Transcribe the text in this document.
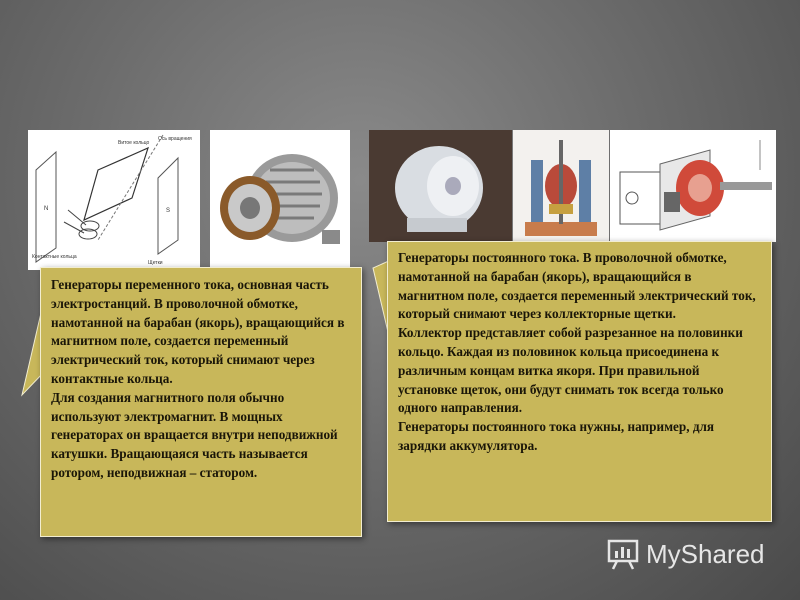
Ось вращения
Витое кольцо
N	S
Контактные кольца
Щетки

Генераторы переменного тока, основная часть электростанций. В проволочной обмотке, намотанной на барабан (якорь), вращающийся в магнитном поле, создается переменный электрический ток, который снимают через контактные кольца.

Для создания магнитного поля обычно используют электромагнит. В мощных генераторах он вращается внутри неподвижной катушки. Вращающаяся часть называется ротором, неподвижная – статором.

Генераторы постоянного тока. В проволочной обмотке, намотанной на барабан (якорь), вращающийся в магнитном поле, создается переменный электрический ток, который снимают через коллекторные щетки.

Коллектор представляет собой разрезанное на половинки кольцо. Каждая из половинок кольца присоединена к различным концам витка якоря. При правильной установке щеток, они будут снимать ток всегда только одного направления.

Генераторы постоянного тока нужны, например, для зарядки аккумулятора.

MyShared
